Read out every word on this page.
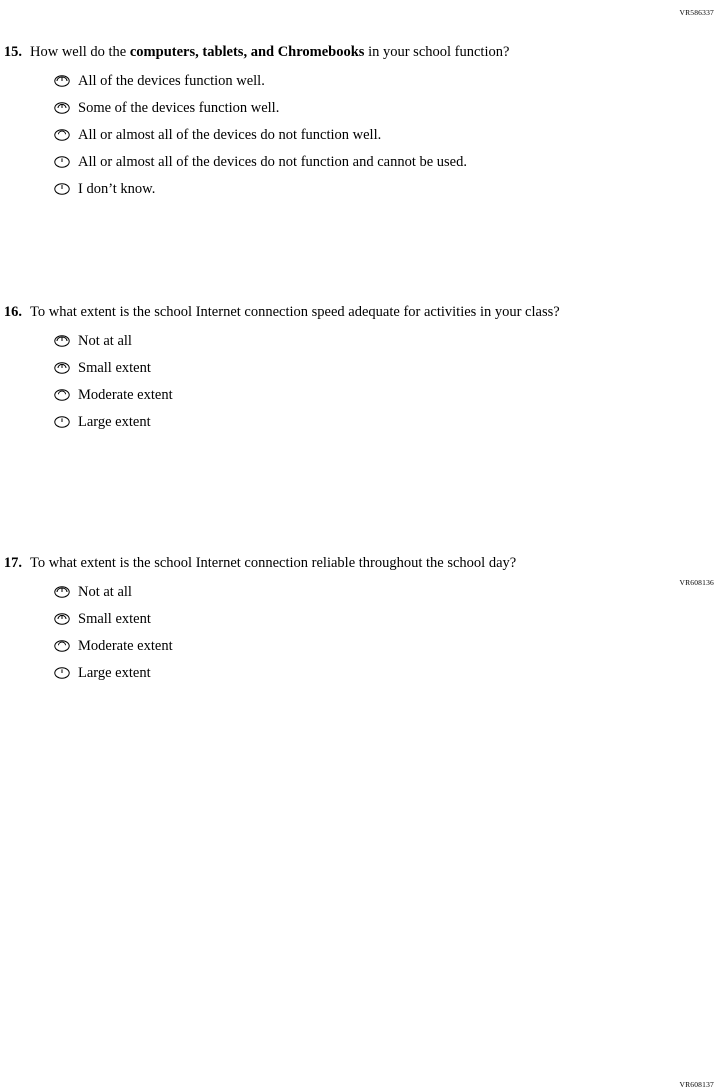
VR586337
15. How well do the computers, tablets, and Chromebooks in your school function?
All of the devices function well.
Some of the devices function well.
All or almost all of the devices do not function well.
All or almost all of the devices do not function and cannot be used.
I don’t know.
VR608136
16. To what extent is the school Internet connection speed adequate for activities in your class?
Not at all
Small extent
Moderate extent
Large extent
VR608137
17. To what extent is the school Internet connection reliable throughout the school day?
Not at all
Small extent
Moderate extent
Large extent
